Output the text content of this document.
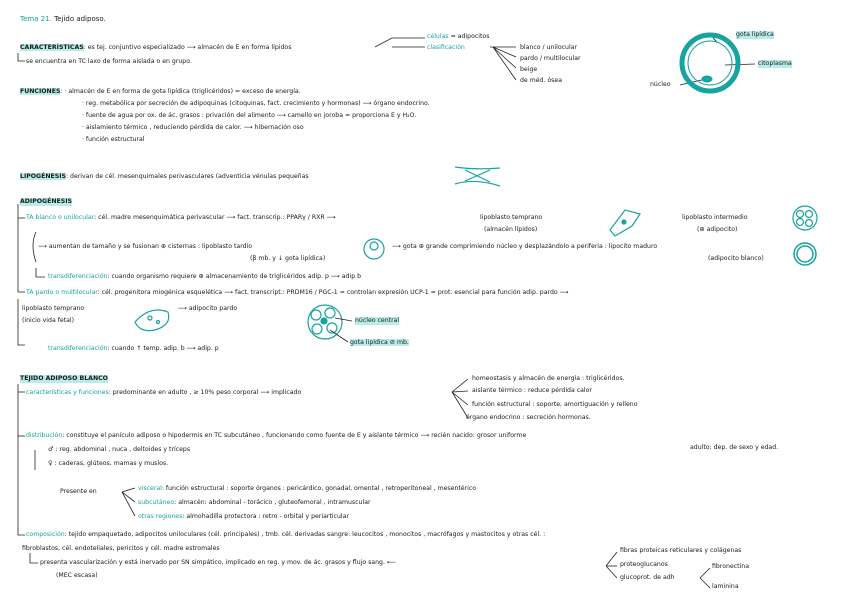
Tema 21. Tejido adiposo.
CARACTERÍSTICAS: es tej. conjuntivo especializado ⟶ almacén de E en forma lípidos
se encuentra en TC laxo de forma aislada o en grupo.
células = adipocitos
clasificación	blanco / unilocular
pardo / multilocular
beige
de méd. ósea
gota lipídica
citoplasma
núcleo
FUNCIONES: · almacén de E en forma de gota lipídica (triglicéridos) = exceso de energía.
· reg. metabólica por secreción de adipoquinas (citoquinas, fact. crecimiento y hormonas) ⟶ órgano endocrino.
· fuente de agua por ox. de ác. grasos : privación del alimento ⟶ camello en joroba = proporciona E y H₂O.
· aislamiento térmico , reduciendo pérdida de calor. ⟶ hibernación oso
· función estructural
LIPOGÉNESIS: derivan de cél. mesenquimales perivasculares (adventicia vénulas pequeñas
ADIPOGÉNESIS
TA blanco o unilocular: cél. madre mesenquimática perivascular ⟶ fact. transcrip.: PPARγ / RXR ⟶	lipoblasto temprano
(almacén lípidos)
lipoblasto intermedio
(⊕ adipocito)
⟶ aumentan de tamaño y se fusionan ⊕ cisternas : lipoblasto tardío
(β mb. y ↓ gota lipídica)
⟶ gota ⊕ grande comprimiendo núcleo y desplazándolo a periferia : lipocito maduro
(adipocito blanco)
transdiferenciación: cuando organismo requiere ⊕ almacenamiento de triglicéridos adip. p ⟶ adip b
TA pardo o multilocular: cél. progenitora miogénica esquelética ⟶ fact. transcript.: PRDM16 / PGC-1 = controlan expresión UCP-1 = prot. esencial para función adip. pardo ⟶
lipoblasto temprano
(inicio vida fetal)
⟶ adipocito pardo
núcleo central
gota lipídica ⊘ mb.
transdiferenciación: cuando ↑ temp. adip. b ⟶ adip. p
TEJIDO ADIPOSO BLANCO
características y funciones: predominante en adulto , ≥ 10% peso corporal ⟶ implicado
homeostasis y almacén de energía : triglicéridos.
aislante térmico : reduce pérdida calor
función estructural : soporte, amortiguación y relleno
órgano endocrino : secreción hormonas.
distribución: constituye el panículo adiposo o hipodermis en TC subcutáneo , funcionando como fuente de E y aislante térmico ⟶ recién nacido: grosor uniforme
adulto: dep. de sexo y edad.
♂ : reg. abdominal , nuca , deltoides y tríceps
♀ : caderas, glúteos, mamas y muslos.
Presente en	visceral: función estructural : soporte órganos : pericárdico, gonadal, omental , retroperitoneal , mesentérico
subcutáneo: almacén: abdominal - torácico , gluteofemoral , intramuscular
otras regiones: almohadilla protectora : retro - orbital y periarticular
composición: tejido empaquetado, adipocitos uniloculares (cél. principales) , tmb. cél. derivadas sangre: leucocitos , monocitos , macrófagos y mastocitos y otras cél. :
fibroblastos, cél. endoteliales, pericitos y cél. madre estromales
presenta vascularización y está inervado por SN simpático, implicado en reg. y mov. de ác. grasos y flujo sang. ⟵
(MEC escasa)
fibras proteicas reticulares y colágenas
proteoglucanos
glucoprot. de adh
fibronectina
laminina
